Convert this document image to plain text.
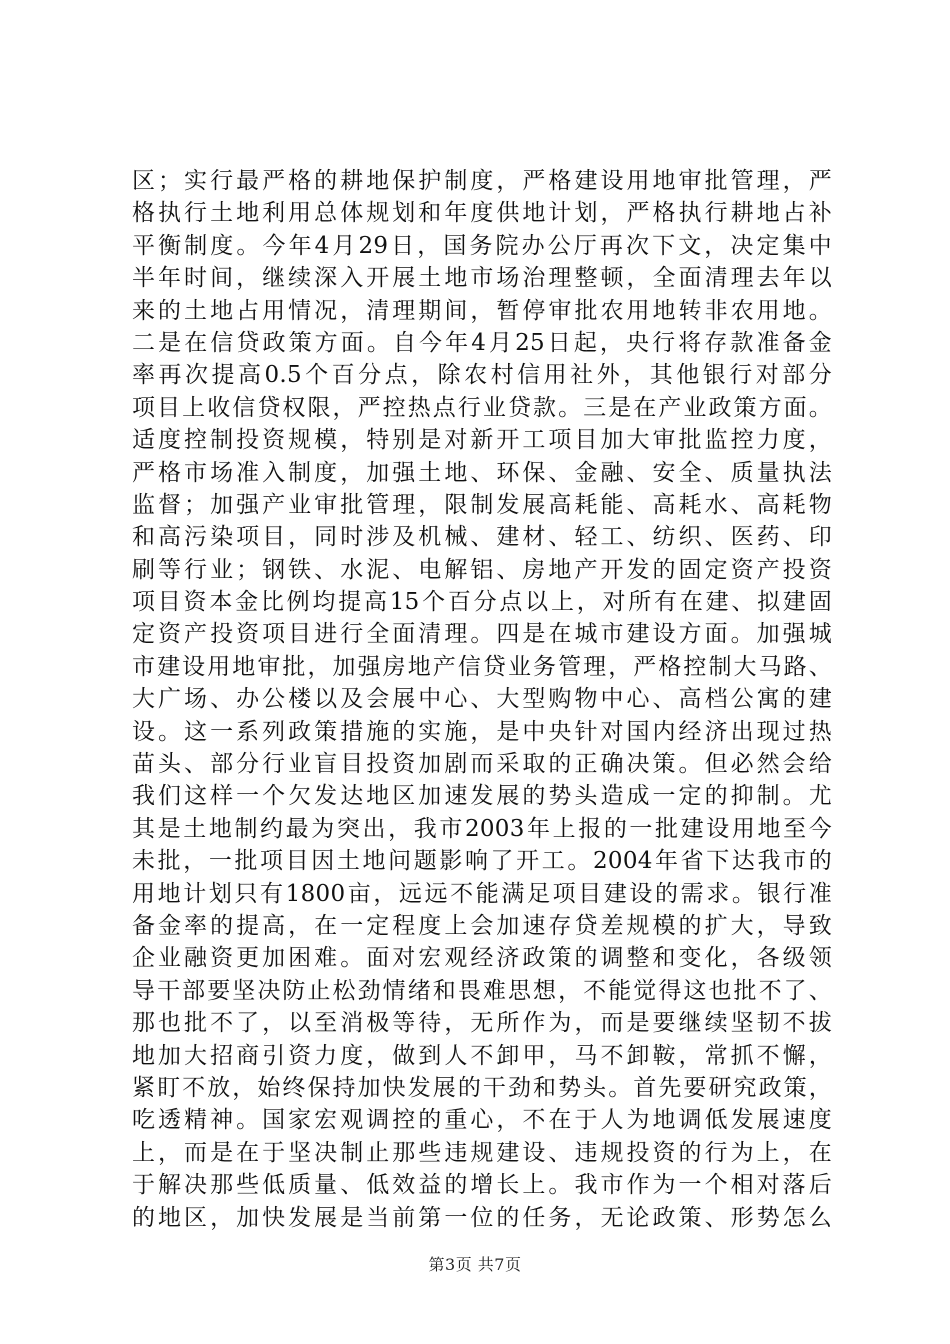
区；实行最严格的耕地保护制度，严格建设用地审批管理，严
格执行土地利用总体规划和年度供地计划，严格执行耕地占补
平衡制度。今年4月29日，国务院办公厅再次下文，决定集中
半年时间，继续深入开展土地市场治理整顿，全面清理去年以
来的土地占用情况，清理期间，暂停审批农用地转非农用地。
二是在信贷政策方面。自今年4月25日起，央行将存款准备金
率再次提高0.5个百分点，除农村信用社外，其他银行对部分
项目上收信贷权限，严控热点行业贷款。三是在产业政策方面。
适度控制投资规模，特别是对新开工项目加大审批监控力度，
严格市场准入制度，加强土地、环保、金融、安全、质量执法
监督；加强产业审批管理，限制发展高耗能、高耗水、高耗物
和高污染项目，同时涉及机械、建材、轻工、纺织、医药、印
刷等行业；钢铁、水泥、电解铝、房地产开发的固定资产投资
项目资本金比例均提高15个百分点以上，对所有在建、拟建固
定资产投资项目进行全面清理。四是在城市建设方面。加强城
市建设用地审批，加强房地产信贷业务管理，严格控制大马路、
大广场、办公楼以及会展中心、大型购物中心、高档公寓的建
设。这一系列政策措施的实施，是中央针对国内经济出现过热
苗头、部分行业盲目投资加剧而采取的正确决策。但必然会给
我们这样一个欠发达地区加速发展的势头造成一定的抑制。尤
其是土地制约最为突出，我市2003年上报的一批建设用地至今
未批，一批项目因土地问题影响了开工。2004年省下达我市的
用地计划只有1800亩，远远不能满足项目建设的需求。银行准
备金率的提高，在一定程度上会加速存贷差规模的扩大，导致
企业融资更加困难。面对宏观经济政策的调整和变化，各级领
导干部要坚决防止松劲情绪和畏难思想，不能觉得这也批不了、
那也批不了，以至消极等待，无所作为，而是要继续坚韧不拔
地加大招商引资力度，做到人不卸甲，马不卸鞍，常抓不懈，
紧盯不放，始终保持加快发展的干劲和势头。首先要研究政策，
吃透精神。国家宏观调控的重心，不在于人为地调低发展速度
上，而是在于坚决制止那些违规建设、违规投资的行为上，在
于解决那些低质量、低效益的增长上。我市作为一个相对落后
的地区，加快发展是当前第一位的任务，无论政策、形势怎么
第3页 共7页
